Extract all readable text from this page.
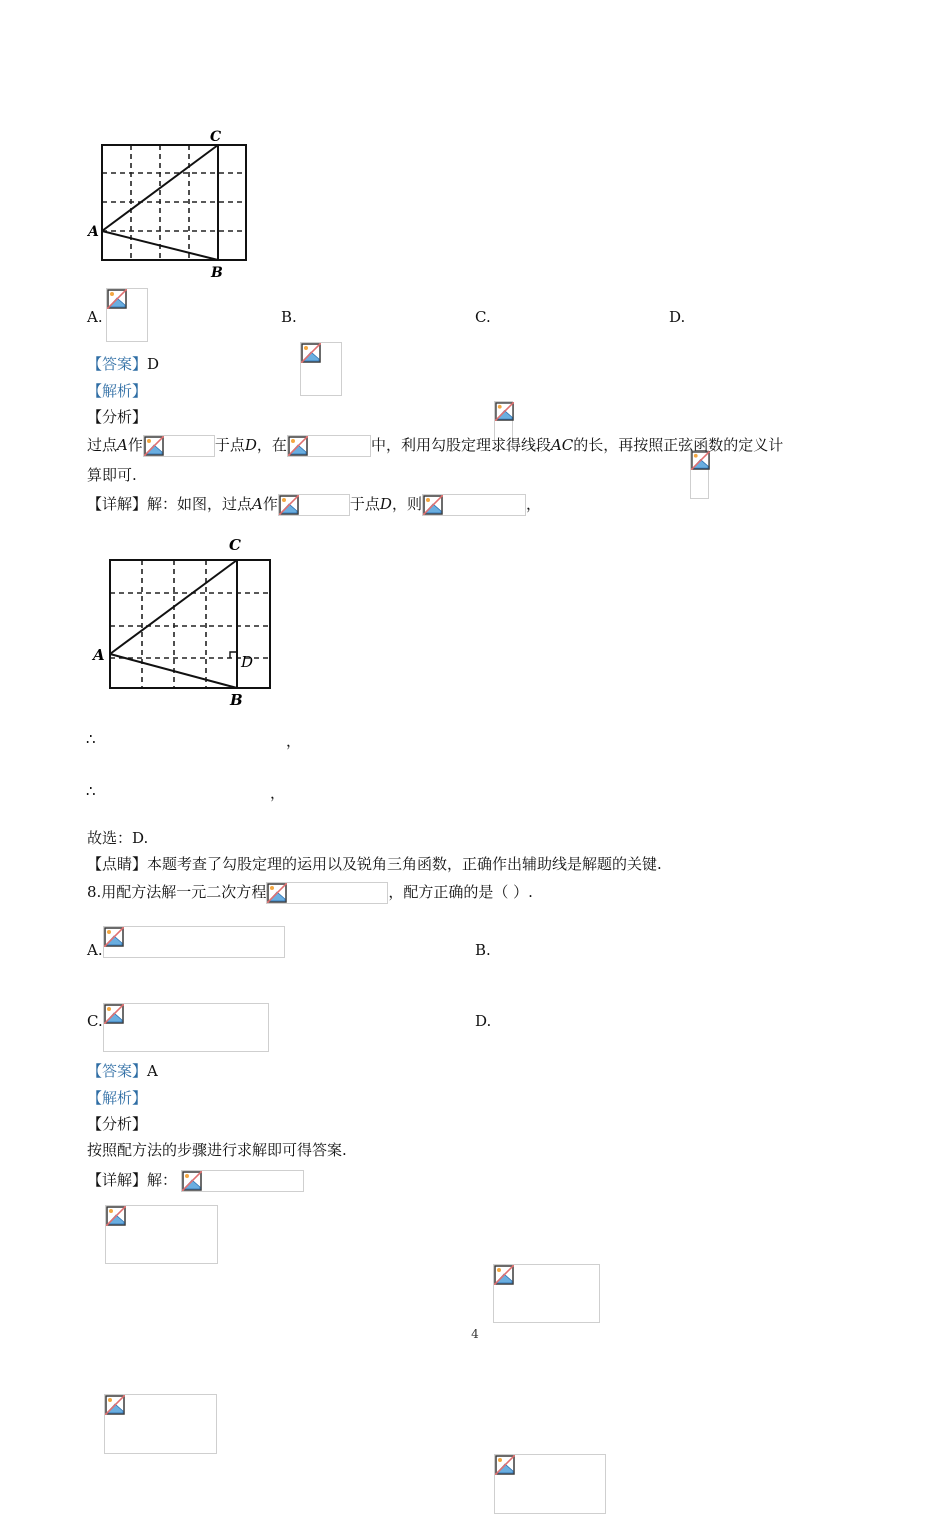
C
A
B
A.	B.	C.	D.
【答案】D
【解析】
【分析】
过点A作	于点D，在	中，利用勾股定理求得线段AC的长，再按照正弦函数的定义计
算即可.
【详解】解：如图，过点A作	于点D，则	，
C
A
B
D
∴	，
∴	，
故选：D.
【点睛】本题考查了勾股定理的运用以及锐角三角函数，正确作出辅助线是解题的关键.
8.用配方法解一元二次方程	，配方正确的是（ ）.
A.	B.
C.	D.
【答案】A
【解析】
【分析】
按照配方法的步骤进行求解即可得答案.
【详解】解：
4
